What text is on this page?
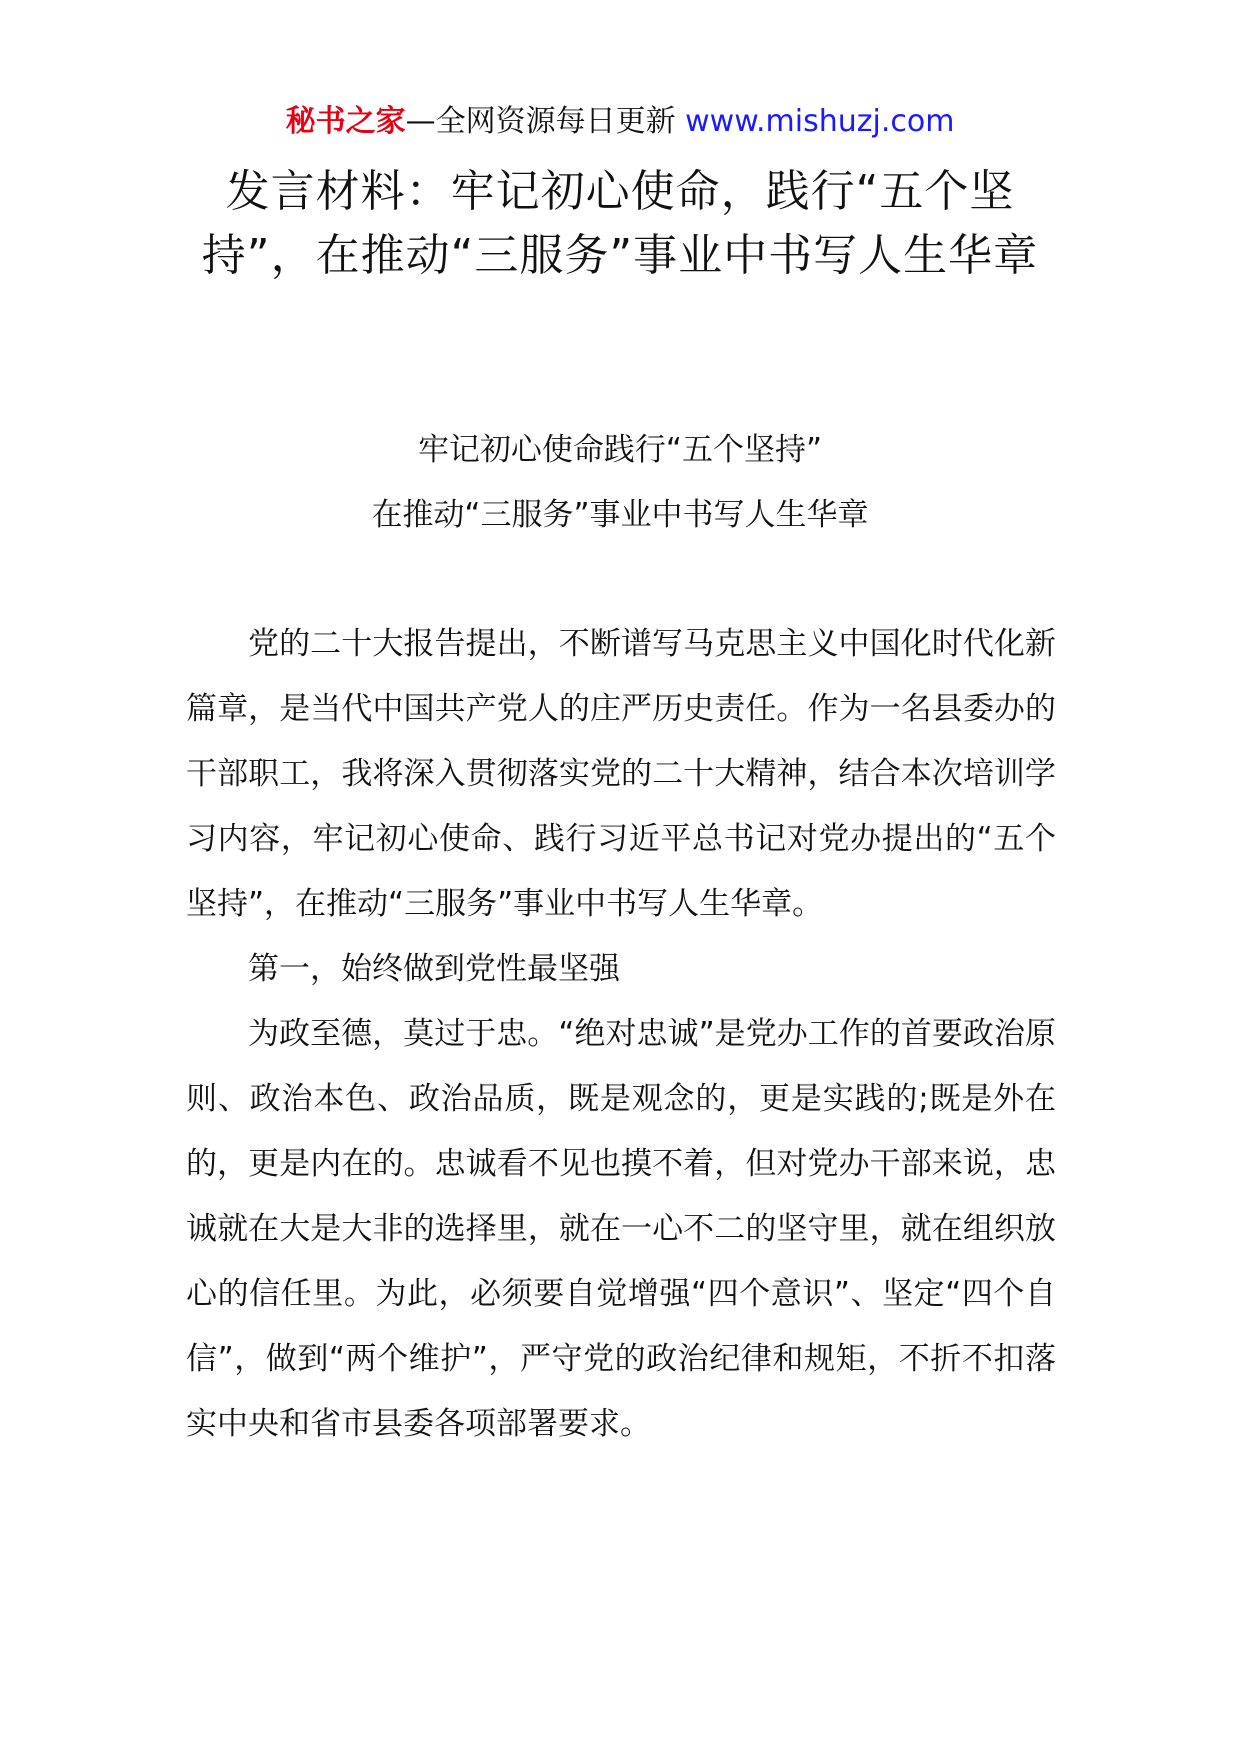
秘书之家—全网资源每日更新 www.mishuzj.com
发言材料：牢记初心使命，践行“五个坚持”，在推动“三服务”事业中书写人生华章
牢记初心使命践行“五个坚持”
在推动“三服务”事业中书写人生华章

党的二十大报告提出，不断谱写马克思主义中国化时代化新篇章，是当代中国共产党人的庄严历史责任。作为一名县委办的干部职工，我将深入贯彻落实党的二十大精神，结合本次培训学习内容，牢记初心使命、践行习近平总书记对党办提出的“五个坚持”，在推动“三服务”事业中书写人生华章。

第一，始终做到党性最坚强

为政至德，莫过于忠。“绝对忠诚”是党办工作的首要政治原则、政治本色、政治品质，既是观念的，更是实践的;既是外在的，更是内在的。忠诚看不见也摸不着，但对党办干部来说，忠诚就在大是大非的选择里，就在一心不二的坚守里，就在组织放心的信任里。为此，必须要自觉增强“四个意识”、坚定“四个自信”，做到“两个维护”，严守党的政治纪律和规矩，不折不扣落实中央和省市县委各项部署要求。
